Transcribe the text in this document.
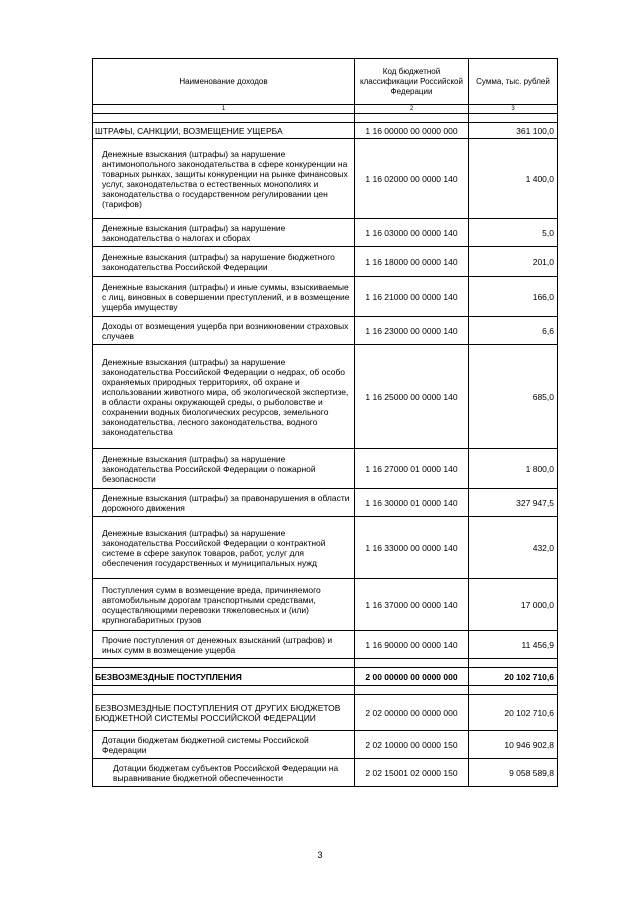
Наименование доходов	Код бюджетной классификации Российской Федерации	Сумма, тыс. рублей
1	2	3

ШТРАФЫ, САНКЦИИ, ВОЗМЕЩЕНИЕ УЩЕРБА	1 16 00000 00 0000 000	361 100,0
Денежные взыскания (штрафы) за нарушение антимонопольного законодательства в сфере конкуренции на товарных рынках, защиты конкуренции на рынке финансовых услуг, законодательства о естественных монополиях и законодательства о государственном регулировании цен (тарифов)	1 16 02000 00 0000 140	1 400,0
Денежные взыскания (штрафы) за нарушение законодательства о налогах и сборах	1 16 03000 00 0000 140	5,0
Денежные взыскания (штрафы) за нарушение бюджетного законодательства Российской Федерации	1 16 18000 00 0000 140	201,0
Денежные взыскания (штрафы) и иные суммы, взыскиваемые с лиц, виновных в совершении преступлений, и в возмещение ущерба имуществу	1 16 21000 00 0000 140	166,0
Доходы от возмещения ущерба при возникновении страховых случаев	1 16 23000 00 0000 140	6,6
Денежные взыскания (штрафы) за нарушение законодательства Российской Федерации о недрах, об особо охраняемых природных территориях, об охране и использовании животного мира, об экологической экспертизе, в области охраны окружающей среды, о рыболовстве и сохранении водных биологических ресурсов, земельного законодательства, лесного законодательства, водного законодательства	1 16 25000 00 0000 140	685,0
Денежные взыскания (штрафы) за нарушение законодательства Российской Федерации о пожарной безопасности	1 16 27000 01 0000 140	1 800,0
Денежные взыскания (штрафы) за правонарушения в области дорожного движения	1 16 30000 01 0000 140	327 947,5
Денежные взыскания (штрафы) за нарушение законодательства Российской Федерации о контрактной системе в сфере закупок товаров, работ, услуг для обеспечения государственных и муниципальных нужд	1 16 33000 00 0000 140	432,0
Поступления сумм в возмещение вреда, причиняемого автомобильным дорогам транспортными средствами, осуществляющими перевозки тяжеловесных и (или) крупногабаритных грузов	1 16 37000 00 0000 140	17 000,0
Прочие поступления от денежных взысканий (штрафов) и иных сумм в возмещение ущерба	1 16 90000 00 0000 140	11 456,9

БЕЗВОЗМЕЗДНЫЕ ПОСТУПЛЕНИЯ	2 00 00000 00 0000 000	20 102 710,6

БЕЗВОЗМЕЗДНЫЕ ПОСТУПЛЕНИЯ ОТ ДРУГИХ БЮДЖЕТОВ БЮДЖЕТНОЙ СИСТЕМЫ РОССИЙСКОЙ ФЕДЕРАЦИИ	2 02 00000 00 0000 000	20 102 710,6
Дотации бюджетам бюджетной системы Российской Федерации	2 02 10000 00 0000 150	10 946 902,8
Дотации бюджетам субъектов Российской Федерации на выравнивание бюджетной обеспеченности	2 02 15001 02 0000 150	9 058 589,8
3
